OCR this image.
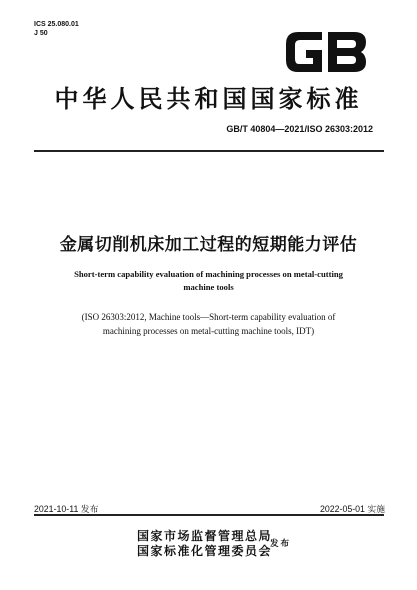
ICS 25.080.01
J 50
GB
中华人民共和国国家标准
GB/T 40804—2021/ISO 26303:2012
金属切削机床加工过程的短期能力评估
Short-term capability evaluation of machining processes on metal-cutting
machine tools
(ISO 26303:2012, Machine tools—Short-term capability evaluation of
machining processes on metal-cutting machine tools, IDT)
2021-10-11 发布	2022-05-01 实施
国家市场监督管理总局
国家标准化管理委员会
发布
